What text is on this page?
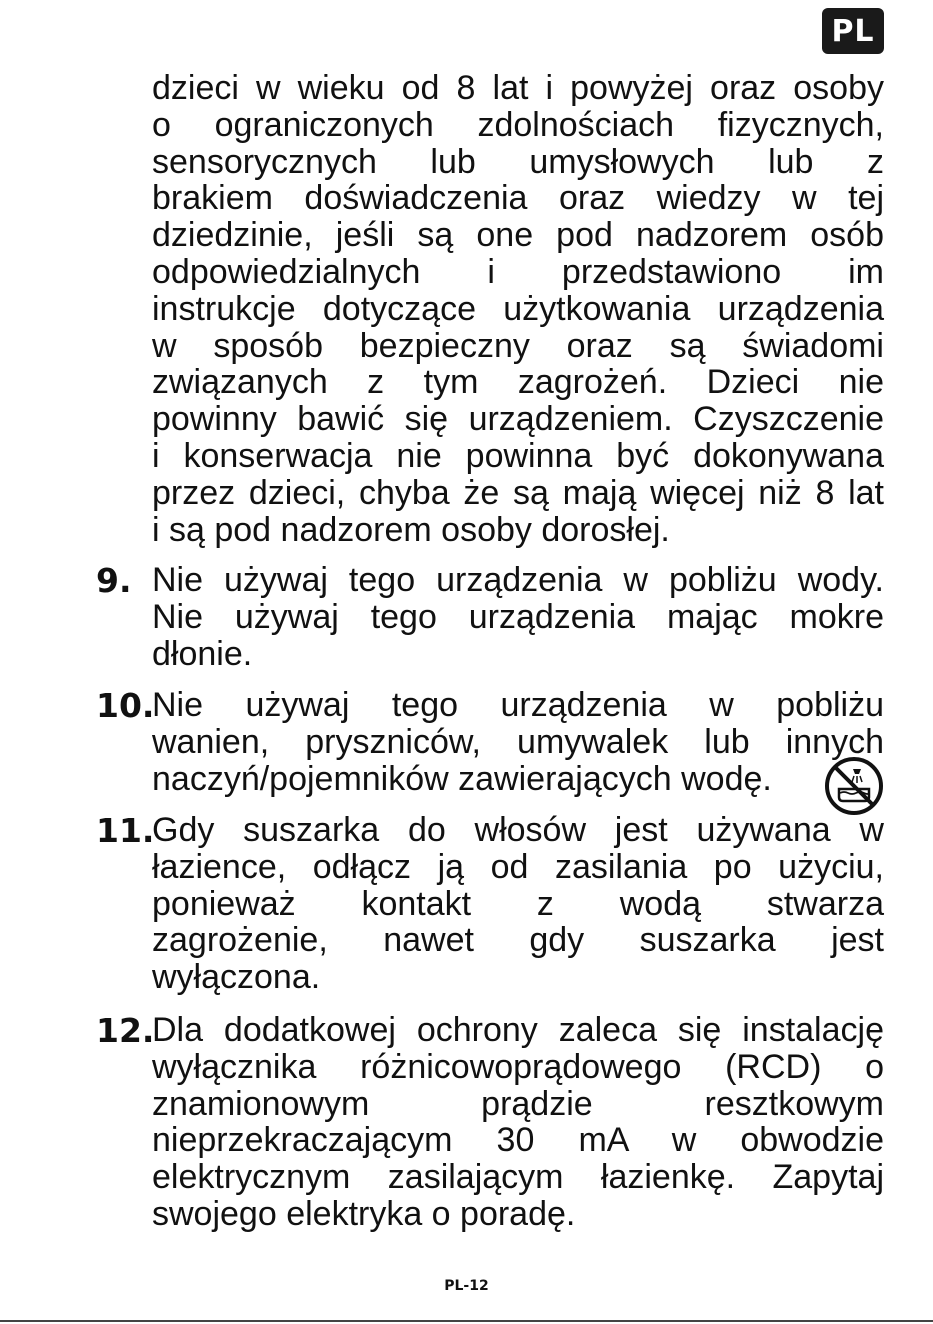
PL
dzieci w wieku od 8 lat i powyżej oraz osoby
o ograniczonych zdolnościach fizycznych,
sensorycznych lub umysłowych lub z
brakiem doświadczenia oraz wiedzy w tej
dziedzinie, jeśli są one pod nadzorem osób
odpowiedzialnych i przedstawiono im
instrukcje dotyczące użytkowania urządzenia
w sposób bezpieczny oraz są świadomi
związanych z tym zagrożeń. Dzieci nie
powinny bawić się urządzeniem. Czyszczenie
i konserwacja nie powinna być dokonywana
przez dzieci, chyba że są mają więcej niż 8 lat
i są pod nadzorem osoby dorosłej.
9. Nie używaj tego urządzenia w pobliżu wody.
Nie używaj tego urządzenia mając mokre
dłonie.
10.
Nie używaj tego urządzenia w pobliżu
wanien, pryszniców, umywalek lub innych
naczyń/pojemników zawierających wodę.
11.
Gdy suszarka do włosów jest używana w
łazience, odłącz ją od zasilania po użyciu,
ponieważ kontakt z wodą stwarza
zagrożenie, nawet gdy suszarka jest
wyłączona.
12.
Dla dodatkowej ochrony zaleca się instalację
wyłącznika różnicowoprądowego (RCD) o
znamionowym prądzie resztkowym
nieprzekraczającym 30 mA w obwodzie
elektrycznym zasilającym łazienkę. Zapytaj
swojego elektryka o poradę.
PL-12
